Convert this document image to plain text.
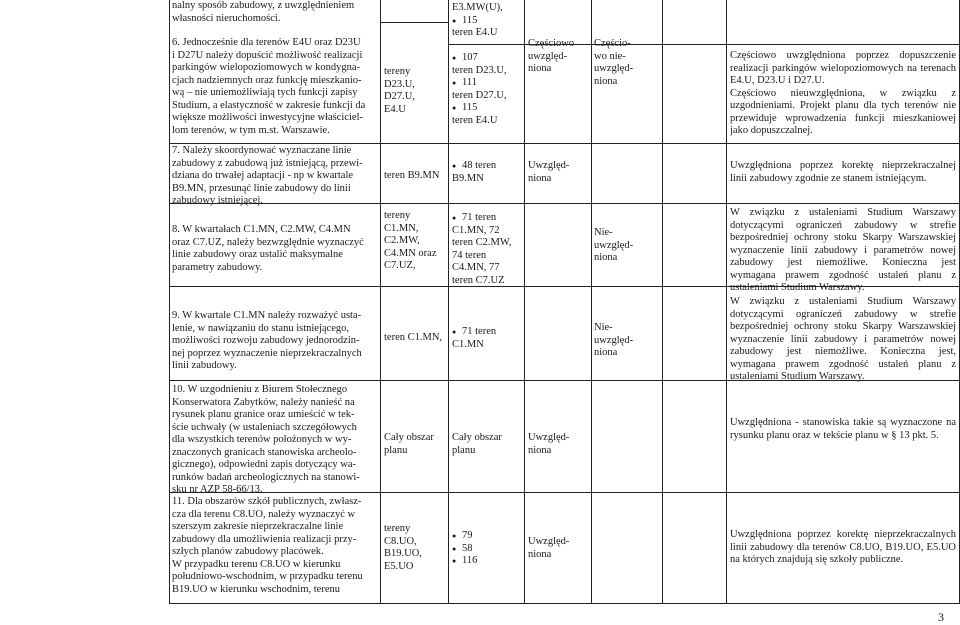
nalny sposób zabudowy, z uwzględnieniem
własności nieruchomości.
6. Jednocześnie dla terenów E4U oraz D23U
i D27U należy dopuścić możliwość realizacji
parkingów wielopoziomowych w kondygna-
cjach nadziemnych oraz funkcję mieszkanio-
wą – nie uniemożliwiają tych funkcji zapisy
Studium, a elastyczność w zakresie funkcji da
większe możliwości inwestycyjne właściciel-
lom terenów, w tym m.st. Warszawie.
E3.MW(U),
● 115
teren E4.U
tereny
D23.U,
D27.U,
E4.U
● 107
teren D23.U,
● 111
teren D27.U,
● 115
teren E4.U
Częściowo
uwzględ-
niona
Częścio-
wo nie-
uwzględ-
niona
Częściowo uwzględniona poprzez dopuszczenie realizacji parkingów wielopoziomowych na terenach E4.U, D23.U i D27.U.
Częściowo nieuwzględniona, w związku z uzgodnieniami. Projekt planu dla tych terenów nie przewiduje wprowadzenia funkcji mieszkaniowej jako dopuszczalnej.
7. Należy skoordynować wyznaczane linie
zabudowy z zabudową już istniejącą, przewi-
dziana do trwałej adaptacji - np w kwartale
B9.MN, przesunąć linie zabudowy do linii
zabudowy istniejącej.
teren B9.MN
● 48 teren
B9.MN
Uwzględ-
niona
Uwzględniona poprzez korektę nieprzekraczalnej linii zabudowy zgodnie ze stanem istniejącym.
8. W kwartałach C1.MN, C2.MW, C4.MN
oraz C7.UZ, należy bezwzględnie wyznaczyć
linie zabudowy oraz ustalić maksymalne
parametry zabudowy.
tereny
C1.MN,
C2.MW,
C4.MN oraz
C7.UZ,
● 71 teren
C1.MN, 72
teren C2.MW,
74 teren
C4.MN, 77
teren C7.UZ
Nie-
uwzględ-
niona
W związku z ustaleniami Studium Warszawy dotyczącymi ograniczeń zabudowy w strefie bezpośredniej ochrony stoku Skarpy Warszawskiej wyznaczenie linii zabudowy i parametrów nowej zabudowy jest niemożliwe. Konieczna jest wymagana prawem zgodność ustaleń planu z ustaleniami Studium Warszawy.
9. W kwartale C1.MN należy rozważyć usta-
lenie, w nawiązaniu do stanu istniejącego,
możliwości rozwoju zabudowy jednorodzin-
nej poprzez wyznaczenie nieprzekraczalnych
linii zabudowy.
teren C1.MN,
● 71 teren
C1.MN
Nie-
uwzględ-
niona
W związku z ustaleniami Studium Warszawy dotyczącymi ograniczeń zabudowy w strefie bezpośredniej ochrony stoku Skarpy Warszawskiej wyznaczenie linii zabudowy i parametrów nowej zabudowy jest niemożliwe. Konieczna jest, wymagana prawem zgodność ustaleń planu z ustaleniami Studium Warszawy.
10. W uzgodnieniu z Biurem Stołecznego
Konserwatora Zabytków, należy nanieść na
rysunek planu granice oraz umieścić w tek-
ście uchwały (w ustaleniach szczegółowych
dla wszystkich terenów położonych w wy-
znaczonych granicach stanowiska archeolo-
gicznego), odpowiedni zapis dotyczący wa-
runków badań archeologicznych na stanowi-
sku nr AZP 58-66/13.
Cały obszar
planu
Cały obszar
planu
Uwzględ-
niona
Uwzględniona - stanowiska takie są wyznaczone na rysunku planu oraz w tekście planu w § 13 pkt. 5.
11. Dla obszarów szkół publicznych, zwłasz-
cza dla terenu C8.UO, należy wyznaczyć w
szerszym zakresie nieprzekraczalne linie
zabudowy dla umożliwienia realizacji przy-
szłych planów zabudowy placówek.
W przypadku terenu C8.UO w kierunku
południowo-wschodnim, w przypadku terenu
B19.UO w kierunku wschodnim, terenu
tereny
C8.UO,
B19.UO,
E5.UO
● 79
● 58
● 116
Uwzględ-
niona
Uwzględniona poprzez korektę nieprzekraczalnych linii zabudowy dla terenów C8.UO, B19.UO, E5.UO na których znajdują się szkoły publiczne.
3
